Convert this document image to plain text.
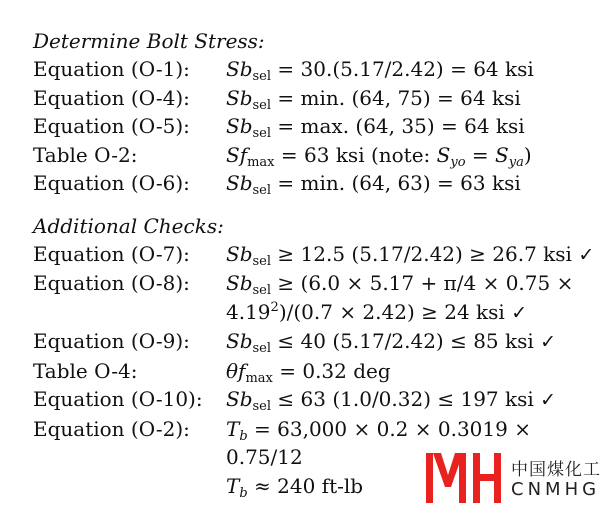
Determine Bolt Stress:
Equation (O-1):	$Sb_{sel} = 30.(5.17/2.42) = 64$ ksi
Equation (O-4):	$Sb_{sel} = \min$. (64, 75) = 64 ksi
Equation (O-5):	$Sb_{sel} = \max$. (64, 35) = 64 ksi
Table O-2:	$Sf_{max} = 63$ ksi (note: $S_{yo} = S_{ya}$)
Equation (O-6):	$Sb_{sel} = \min$. (64, 63) = 63 ksi
Additional Checks:
Equation (O-7):	$Sb_{sel} \ge 12.5$ (5.17/2.42) ≥ 26.7 ksi ✓
Equation (O-8):	$Sb_{sel} \ge (6.0 \times 5.17 + \pi/4 \times 0.75$ ×
$4.19^2)/(0.7 \times 2.42) \ge 24$ ksi ✓
Equation (O-9):	$Sb_{sel} \le 40$ (5.17/2.42) ≤ 85 ksi ✓
Table O-4:	$\theta f_{max} = 0.32$ deg
Equation (O-10):	$Sb_{sel} \le 63$ (1.0/0.32) ≤ 197 ksi ✓
Equation (O-2):	$T_b = 63,000 \times 0.2 \times 0.3019$ ×
0.75/12
$T_b \approx 240$ ft-lb
中国煤化工
CNMHG
